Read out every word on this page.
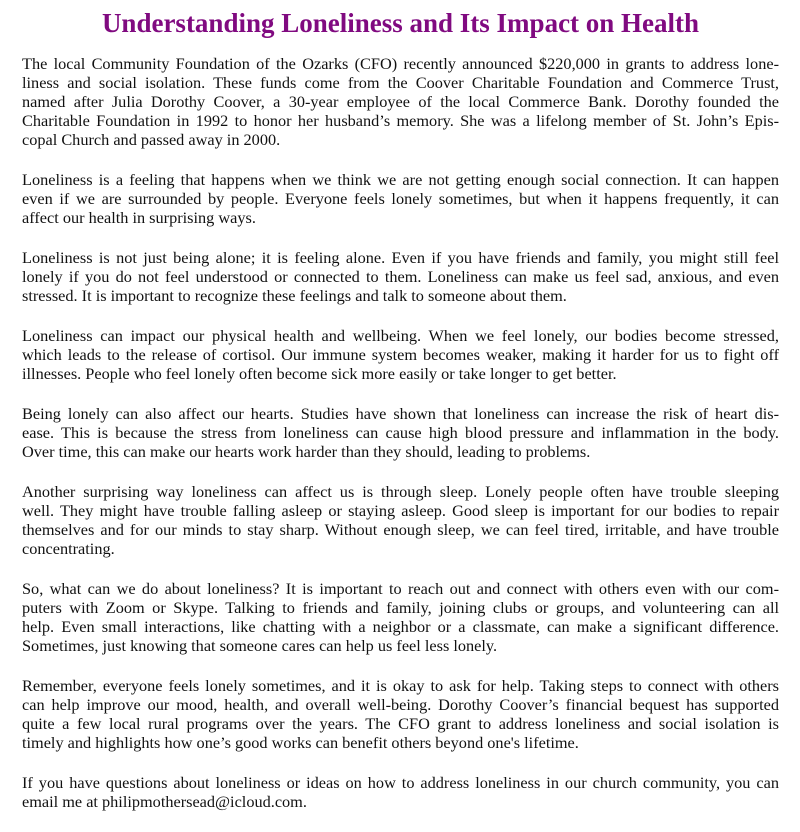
Understanding Loneliness and Its Impact on Health
The local Community Foundation of the Ozarks (CFO) recently announced $220,000 in grants to address lone-
liness and social isolation. These funds come from the Coover Charitable Foundation and Commerce Trust,
named after Julia Dorothy Coover, a 30-year employee of the local Commerce Bank. Dorothy founded the
Charitable Foundation in 1992 to honor her husband’s memory. She was a lifelong member of St. John’s Epis-
copal Church and passed away in 2000.
Loneliness is a feeling that happens when we think we are not getting enough social connection. It can happen
even if we are surrounded by people. Everyone feels lonely sometimes, but when it happens frequently, it can
affect our health in surprising ways.
Loneliness is not just being alone; it is feeling alone. Even if you have friends and family, you might still feel
lonely if you do not feel understood or connected to them. Loneliness can make us feel sad, anxious, and even
stressed. It is important to recognize these feelings and talk to someone about them.
Loneliness can impact our physical health and wellbeing. When we feel lonely, our bodies become stressed,
which leads to the release of cortisol. Our immune system becomes weaker, making it harder for us to fight off
illnesses. People who feel lonely often become sick more easily or take longer to get better.
Being lonely can also affect our hearts. Studies have shown that loneliness can increase the risk of heart dis-
ease. This is because the stress from loneliness can cause high blood pressure and inflammation in the body.
Over time, this can make our hearts work harder than they should, leading to problems.
Another surprising way loneliness can affect us is through sleep. Lonely people often have trouble sleeping
well. They might have trouble falling asleep or staying asleep. Good sleep is important for our bodies to repair
themselves and for our minds to stay sharp. Without enough sleep, we can feel tired, irritable, and have trouble
concentrating.
So, what can we do about loneliness? It is important to reach out and connect with others even with our com-
puters with Zoom or Skype. Talking to friends and family, joining clubs or groups, and volunteering can all
help. Even small interactions, like chatting with a neighbor or a classmate, can make a significant difference.
Sometimes, just knowing that someone cares can help us feel less lonely.
Remember, everyone feels lonely sometimes, and it is okay to ask for help. Taking steps to connect with others
can help improve our mood, health, and overall well-being. Dorothy Coover’s financial bequest has supported
quite a few local rural programs over the years. The CFO grant to address loneliness and social isolation is
timely and highlights how one’s good works can benefit others beyond one's lifetime.
If you have questions about loneliness or ideas on how to address loneliness in our church community, you can
email me at philipmothersead@icloud.com.
